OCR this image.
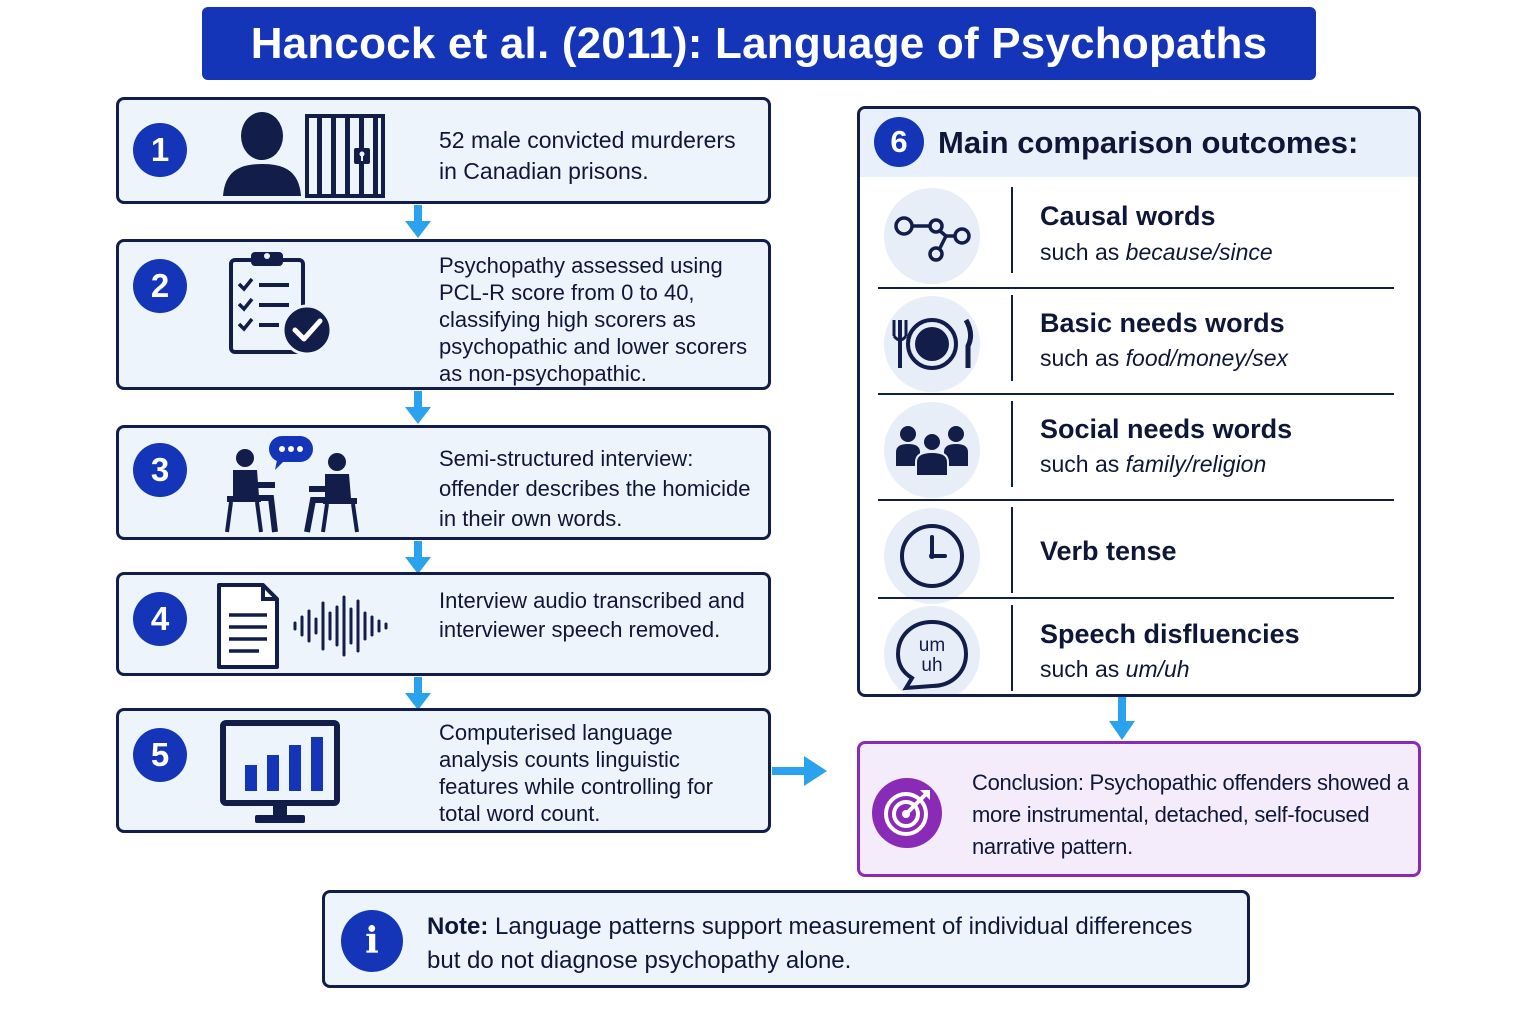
Hancock et al. (2011): Language of Psychopaths
1	52 male convicted murderers in Canadian prisons.
2
Psychopathy assessed using PCL-R score from 0 to 40, classifying high scorers as psychopathic and lower scorers as non-psychopathic.
3	Semi-structured interview: offender describes the homicide in their own words.
4	Interview audio transcribed and interviewer speech removed.
5
Computerised language analysis counts linguistic features while controlling for total word count.
6 Main comparison outcomes:
Causal words
such as because/since
Basic needs words
such as food/money/sex
Social needs words
such as family/religion
Verb tense
um
uh
Speech disfluencies
such as um/uh
Conclusion: Psychopathic offenders showed a more instrumental, detached, self-focused narrative pattern.
i	Note: Language patterns support measurement of individual differences but do not diagnose psychopathy alone.
